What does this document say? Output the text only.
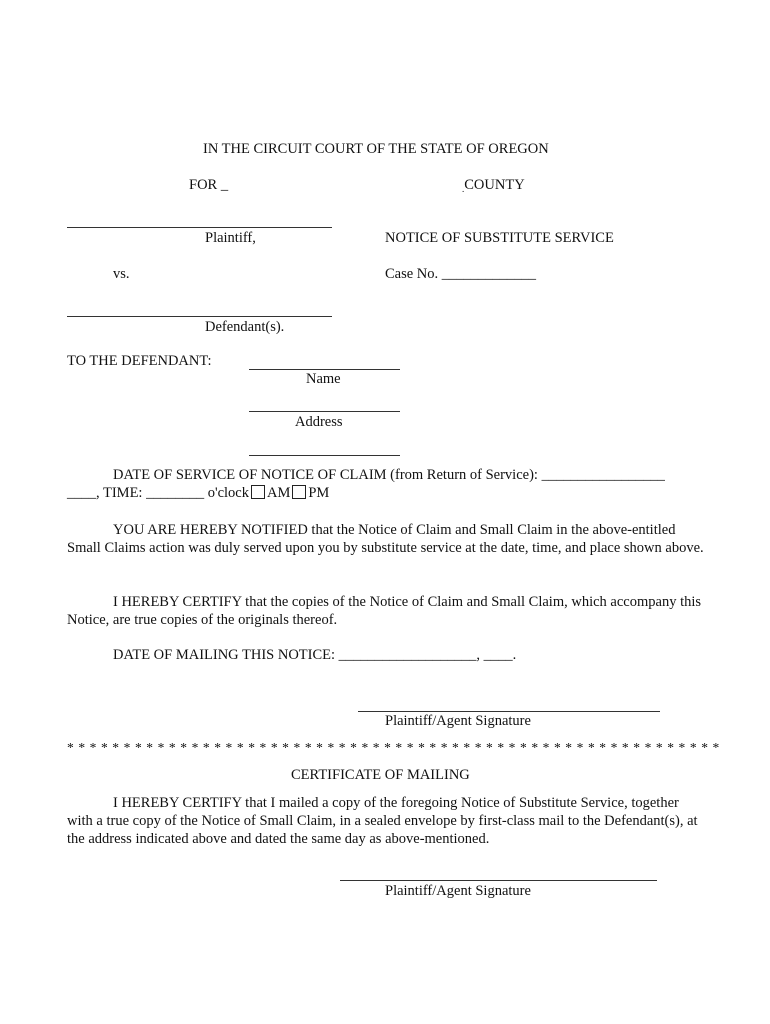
IN THE CIRCUIT COURT OF THE STATE OF OREGON
FOR _	$_.$COUNTY
Plaintiff,	NOTICE OF SUBSTITUTE SERVICE
vs.	Case No. _____________
Defendant(s).
TO THE DEFENDANT:
Name
Address
DATE OF SERVICE OF NOTICE OF CLAIM (from Return of Service): _________________
____, TIME: ________ o'clock AM PM
YOU ARE HEREBY NOTIFIED that the Notice of Claim and Small Claim in the above-entitled Small Claims action was duly served upon you by substitute service at the date, time, and place shown above.
I HEREBY CERTIFY that the copies of the Notice of Claim and Small Claim, which accompany this Notice, are true copies of the originals thereof.
DATE OF MAILING THIS NOTICE: ___________________, ____.
Plaintiff/Agent Signature
* * * * * * * * * * * * * * * * * * * * * * * * * * * * * * * * * * * * * * * * * * * * * * * * * * * * * * * * * *
CERTIFICATE OF MAILING
I HEREBY CERTIFY that I mailed a copy of the foregoing Notice of Substitute Service, together with a true copy of the Notice of Small Claim, in a sealed envelope by first-class mail to the Defendant(s), at the address indicated above and dated the same day as above-mentioned.
Plaintiff/Agent Signature
